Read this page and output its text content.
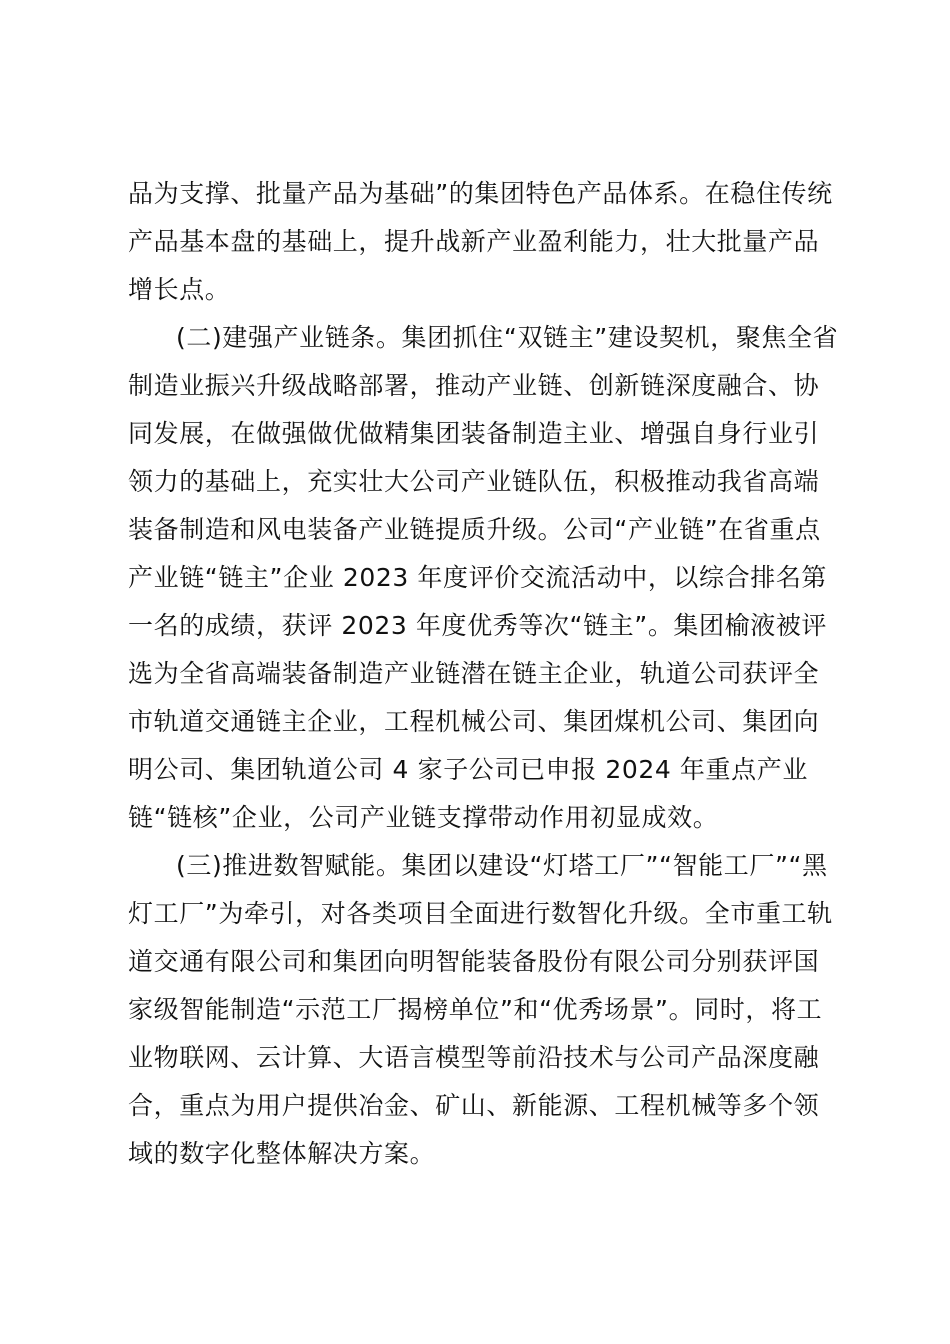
品为支撑、批量产品为基础”的集团特色产品体系。在稳住传统
产品基本盘的基础上，提升战新产业盈利能力，壮大批量产品
增长点。
(二)建强产业链条。集团抓住“双链主”建设契机，聚焦全省
制造业振兴升级战略部署，推动产业链、创新链深度融合、协
同发展，在做强做优做精集团装备制造主业、增强自身行业引
领力的基础上，充实壮大公司产业链队伍，积极推动我省高端
装备制造和风电装备产业链提质升级。公司“产业链”在省重点
产业链“链主”企业 2023 年度评价交流活动中，以综合排名第
一名的成绩，获评 2023 年度优秀等次“链主”。集团榆液被评
选为全省高端装备制造产业链潜在链主企业，轨道公司获评全
市轨道交通链主企业，工程机械公司、集团煤机公司、集团向
明公司、集团轨道公司 4 家子公司已申报 2024 年重点产业
链“链核”企业，公司产业链支撑带动作用初显成效。
(三)推进数智赋能。集团以建设“灯塔工厂”“智能工厂”“黑
灯工厂”为牵引，对各类项目全面进行数智化升级。全市重工轨
道交通有限公司和集团向明智能装备股份有限公司分别获评国
家级智能制造“示范工厂揭榜单位”和“优秀场景”。同时，将工
业物联网、云计算、大语言模型等前沿技术与公司产品深度融
合，重点为用户提供冶金、矿山、新能源、工程机械等多个领
域的数字化整体解决方案。
